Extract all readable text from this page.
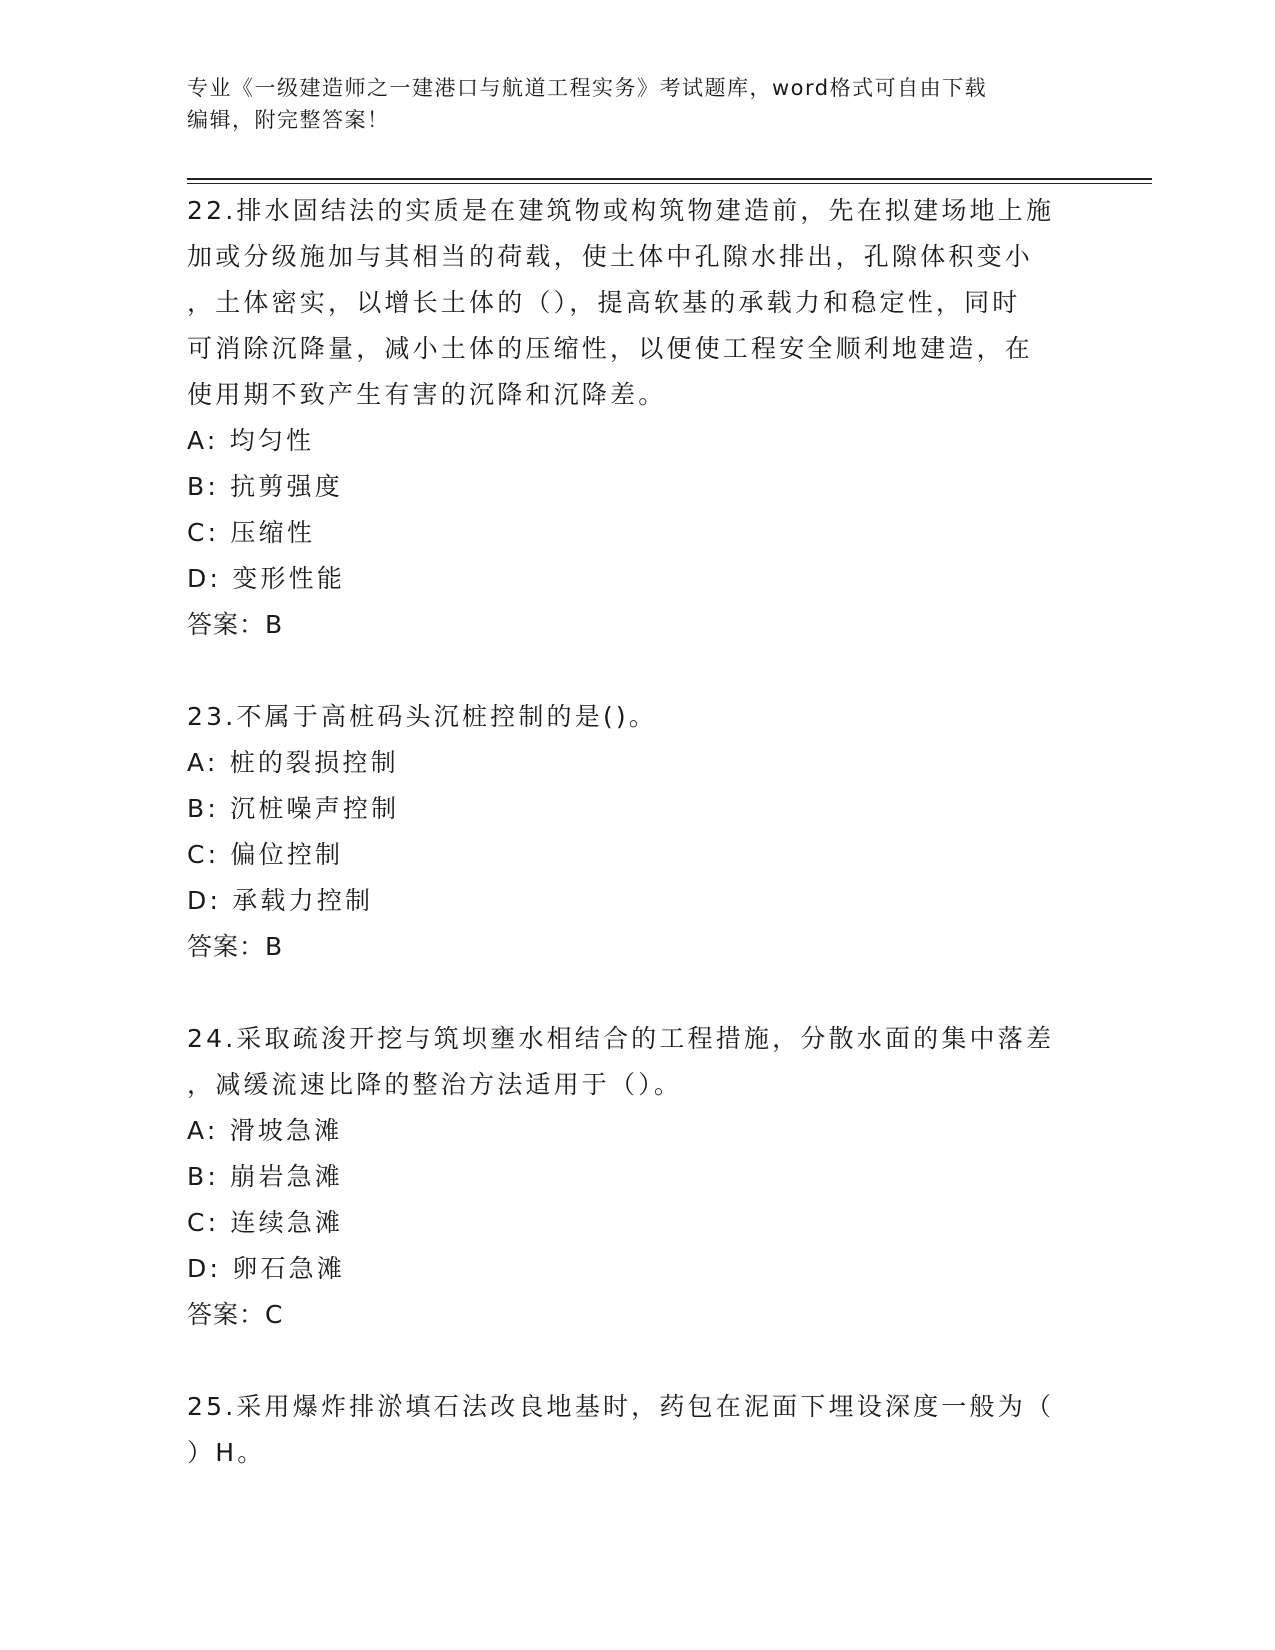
专业《一级建造师之一建港口与航道工程实务》考试题库，word格式可自由下载
编辑，附完整答案！
22.排水固结法的实质是在建筑物或构筑物建造前，先在拟建场地上施
加或分级施加与其相当的荷载，使土体中孔隙水排出，孔隙体积变小
，土体密实，以增长土体的（），提高软基的承载力和稳定性，同时
可消除沉降量，减小土体的压缩性，以便使工程安全顺利地建造，在
使用期不致产生有害的沉降和沉降差。
A: 均匀性
B: 抗剪强度
C: 压缩性
D: 变形性能
答案：B
23.不属于高桩码头沉桩控制的是()。
A: 桩的裂损控制
B: 沉桩噪声控制
C: 偏位控制
D: 承载力控制
答案：B
24.采取疏浚开挖与筑坝壅水相结合的工程措施，分散水面的集中落差
，减缓流速比降的整治方法适用于（）。
A: 滑坡急滩
B: 崩岩急滩
C: 连续急滩
D: 卵石急滩
答案：C
25.采用爆炸排淤填石法改良地基时，药包在泥面下埋设深度一般为（
）H。
